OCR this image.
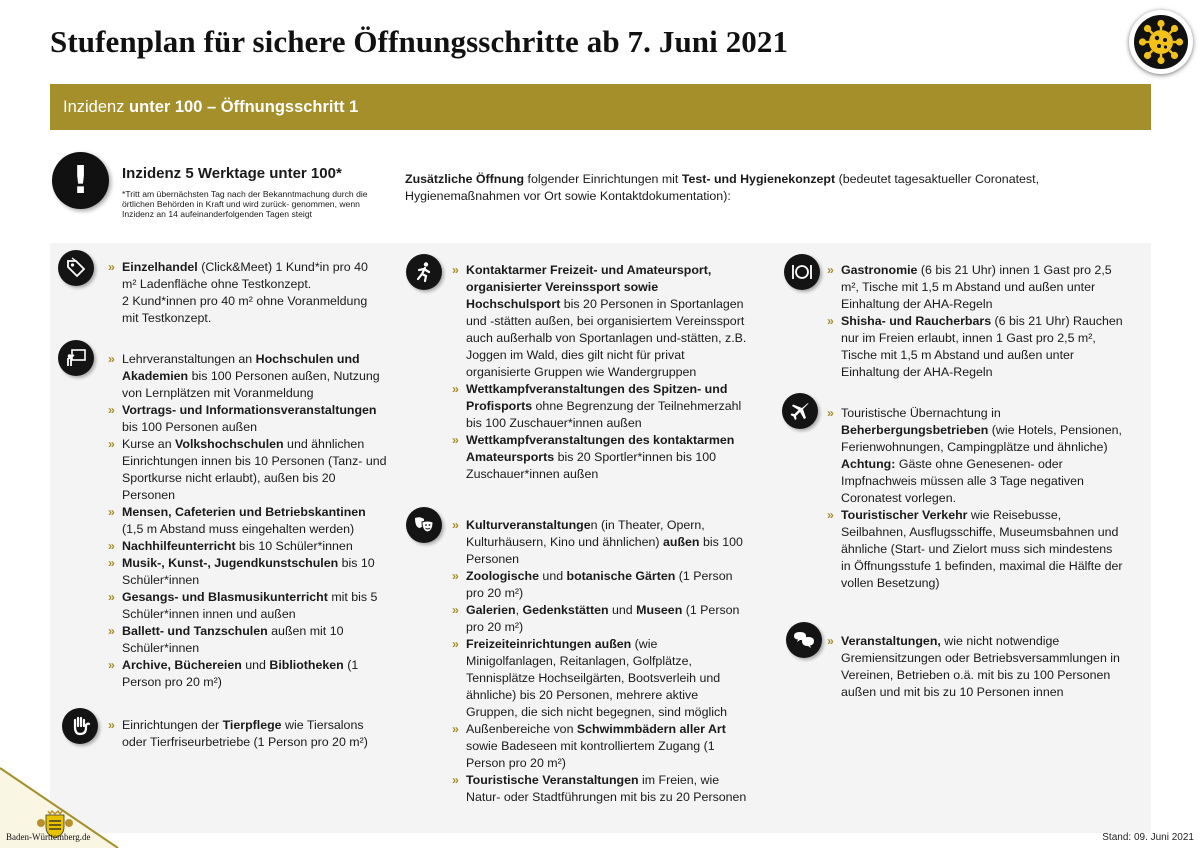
Stufenplan für sichere Öffnungsschritte ab 7. Juni 2021
Inzidenz unter 100 – Öffnungsschritt 1
!	Inzidenz 5 Werktage unter 100*

*Tritt am übernächsten Tag nach der Bekanntmachung durch die örtlichen Behörden in Kraft und wird zurück- genommen, wenn Inzidenz an 14 aufeinanderfolgenden Tagen steigt

Zusätzliche Öffnung folgender Einrichtungen mit Test- und Hygienekonzept (bedeutet tagesaktueller Coronatest, Hygienemaßnahmen vor Ort sowie Kontaktdokumentation):

» Einzelhandel (Click&Meet) 1 Kund*in pro 40 m² Ladenfläche ohne Testkonzept.
2 Kund*innen pro 40 m² ohne Voranmeldung mit Testkonzept.
» Lehrveranstaltungen an Hochschulen und Akademien bis 100 Personen außen, Nutzung von Lernplätzen mit Voranmeldung
» Vortrags- und Informationsveranstaltungen bis 100 Personen außen
» Kurse an Volkshochschulen und ähnlichen Einrichtungen innen bis 10 Personen (Tanz- und Sportkurse nicht erlaubt), außen bis 20 Personen
» Mensen, Cafeterien und Betriebskantinen (1,5 m Abstand muss eingehalten werden)
» Nachhilfeunterricht bis 10 Schüler*innen
» Musik-, Kunst-, Jugendkunstschulen bis 10 Schüler*innen
» Gesangs- und Blasmusikunterricht mit bis 5 Schüler*innen innen und außen
» Ballett- und Tanzschulen außen mit 10 Schüler*innen
» Archive, Büchereien und Bibliotheken (1 Person pro 20 m²)
» Einrichtungen der Tierpflege wie Tiersalons oder Tierfriseurbetriebe (1 Person pro 20 m²)
» Kontaktarmer Freizeit- und Amateursport, organisierter Vereinssport sowie Hochschulsport bis 20 Personen in Sportanlagen und -stätten außen, bei organisiertem Vereinssport auch außerhalb von Sportanlagen und-stätten, z.B. Joggen im Wald, dies gilt nicht für privat organisierte Gruppen wie Wandergruppen
» Wettkampfveranstaltungen des Spitzen- und Profisports ohne Begrenzung der Teilnehmerzahl bis 100 Zuschauer*innen außen
» Wettkampfveranstaltungen des kontaktarmen Amateursports bis 20 Sportler*innen bis 100 Zuschauer*innen außen
» Kulturveranstaltungen (in Theater, Opern, Kulturhäusern, Kino und ähnlichen) außen bis 100 Personen
» Zoologische und botanische Gärten (1 Person pro 20 m²)
» Galerien, Gedenkstätten und Museen (1 Person pro 20 m²)
» Freizeiteinrichtungen außen (wie Minigolfanlagen, Reitanlagen, Golfplätze, Tennisplätze Hochseilgärten, Bootsverleih und ähnliche) bis 20 Personen, mehrere aktive Gruppen, die sich nicht begegnen, sind möglich
» Außenbereiche von Schwimmbädern aller Art sowie Badeseen mit kontrolliertem Zugang (1 Person pro 20 m²)
» Touristische Veranstaltungen im Freien, wie Natur- oder Stadtführungen mit bis zu 20 Personen
» Gastronomie (6 bis 21 Uhr) innen 1 Gast pro 2,5 m², Tische mit 1,5 m Abstand und außen unter Einhaltung der AHA-Regeln
» Shisha- und Raucherbars (6 bis 21 Uhr) Rauchen nur im Freien erlaubt, innen 1 Gast pro 2,5 m², Tische mit 1,5 m Abstand und außen unter Einhaltung der AHA-Regeln
» Touristische Übernachtung in Beherbergungsbetrieben (wie Hotels, Pensionen, Ferienwohnungen, Campingplätze und ähnliche)
Achtung: Gäste ohne Genesenen- oder Impfnachweis müssen alle 3 Tage negativen Coronatest vorlegen.
» Touristischer Verkehr wie Reisebusse, Seilbahnen, Ausflugsschiffe, Museumsbahnen und ähnliche (Start- und Zielort muss sich mindestens in Öffnungsstufe 1 befinden, maximal die Hälfte der vollen Besetzung)
» Veranstaltungen, wie nicht notwendige Gremiensitzungen oder Betriebsversammlungen in Vereinen, Betrieben o.ä. mit bis zu 100 Personen außen und mit bis zu 10 Personen innen
Baden-Württemberg.de	Stand: 09. Juni 2021
